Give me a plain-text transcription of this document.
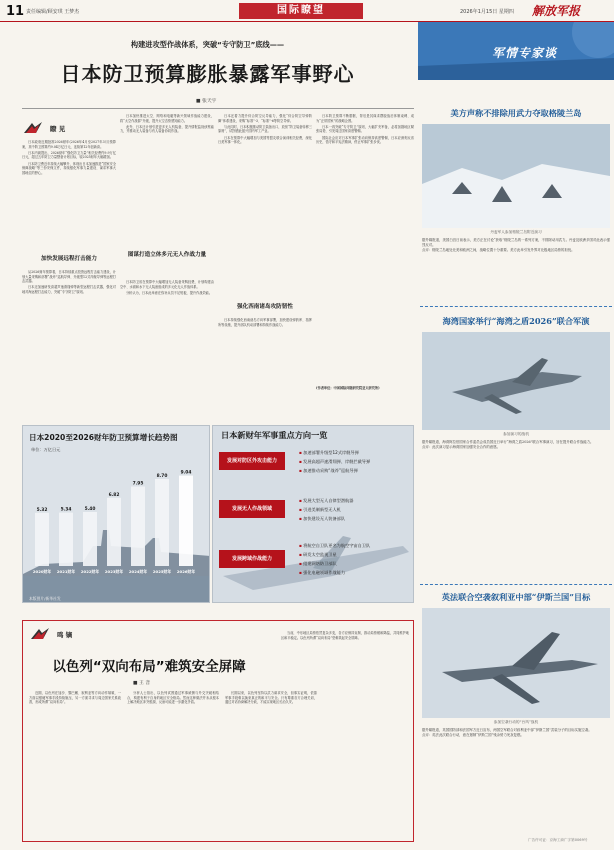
11 责任编辑/顾安琪 王梦杰	国际瞭望	2026年1月15日 星期四 解放军报
构建进攻型作战体系，突破“专守防卫”底线——
日本防卫预算膨胀暴露军事野心
■ 张天宇
瞭 见

日本政府近期批准2026财年(2026年4月至2027年3月)预算案，其中防卫预算约9.04万亿日元，连续第12年创新高。

日本内阁提出，2026财年“强化防卫力量”相关经费约9.9万亿日元，超过五年防卫力量整备计划目标，较2025财年大幅增加。

日本防卫费近年持续大幅攀升，体现出日本加速推进“国家安全保障战略”等三份安保文件，持续强化军事力量建设、谋求军事大国地位的野心。

加快发展远程打击能力

从2026财年预算看，日本持续重点投资远程打击能力建设，计划大量采购和部署“战斧”巡航导弹、升级型12式岸舰导弹等远程打击武器。

日本还加速研发高超声速滑翔弹等新型远程打击武器，强化对地对海远程打击能力，突破“专守防卫”原则。

日本加快推进太空、网络和电磁等新兴领域作战能力建设，将“太空作战群”升级，提升太空态势感知能力。

此外，日本还计划引进更多无人机装备，提升情报监视侦察能力，并推动无人装备与有人装备协同作战。

图谋打造立体多元无人作战力量

日本防卫省在预算中大幅增加无人装备采购经费，计划构建由空中、水面和水下无人装备组成的多元化无人作战体系。

分析认为，日本此举意在弥补兵员不足短板，提升作战效能。

日本还着力提升综合防空反导能力，强化“综合防空导弹防御”体系建设，采购“标准”-3、“标准”-6等防空导弹。

与此同时，日本积极推动防卫装备出口，放宽“防卫装备转移三原则”，试图借此振兴国内军工产业。

日本在预算中大幅增加与美国等盟友联合演训相关经费，深化日美军事一体化。

强化西南诸岛攻防韧性

日本持续强化西南诸岛方向军事部署，加快建设弹药库、指挥所等设施，提升部队机动部署和持续作战能力。

日本防卫预算不断膨胀，背后是其谋求摆脱战后体制束缚、成为“正常国家”的战略企图。

日本一再突破“专守防卫”原则，大幅扩充军备，必将加剧地区紧张局势，引发周边国家高度警惕。

国际社会应对日本军事扩张动向保持高度警惕，日本应深刻反省历史，恪守和平宪法精神，停止军事扩张步伐。

(作者单位：中国国际问题研究院亚太研究所)
日本2020至2026财年防卫预算增长趋势图
单位：万亿日元
5.32
2020财年
5.34
2021财年
5.40
2022财年
6.82
2023财年
7.95
2024财年
8.70
2025财年
9.04
2026财年
本版图片/新华社发
日本新财年军事重点方向一览
发展对防区外攻击能力
▪ 加速部署升级型12式岸舰导弹
▪ 发展高超声速滑翔弹、岸舰拦截导弹
▪ 加速推动采购“战斧”巡航导弹
发展无人作战领域
▪ 发展大型无人自律型潜航器
▪ 引进美制新型无人机
▪ 加快建设无人装备部队
发展跨域作战能力
▪ 将航空自卫队更名为航空宇宙自卫队
▪ 研发太空监视卫星
▪ 组建网络防卫部队
▪ 强化电磁领域作战能力
鸣 镝
以色列“双向布局”难筑安全屏障
■ 王 音

近期，以色列在加沙、黎巴嫩、叙利亚等方向动作频频，一方面以强硬军事手段持续施压，另一方面寻求与周边国家关系改善，形成所谓“双向布局”。

分析人士指出，以色列试图通过军事威慑与外交突破相结合，构建有利于自身的地区安全格局。然而这种做法并未从根本上解决地区冲突根源，反而可能进一步激化矛盾。

长期以来，以色列坚持以武力谋求安全，但事实证明，依靠军事手段难以换来真正的和平与安全。只有尊重各方合理关切，通过对话协商解决分歧，才能实现地区长治久安。

当前，中东地区局势依然复杂多变，各方应保持克制，推动局势缓和降温，共同维护地区和平稳定。以色列所谓“双向布局”恐难筑起安全屏障。

军情专家谈
美方声称不排除用武力夺取格陵兰岛
丹麦军人参加格陵兰岛附近演习

据外媒报道，美国白宫日前表示，美方正在讨论“获取”格陵兰岛的一系列方案，不排除动用武力。丹麦及欧洲多国对此表示强烈反对。

点评：格陵兰岛地处北美和欧洲之间，战略位置十分重要。美方此举引发外界对北极地区局势的担忧。

海湾国家举行“海湾之盾2026”联合军演
参加演习的战机

据外媒报道，海湾阿拉伯国家合作委员会成员国近日举行“海湾之盾2026”联合军事演习，旨在提升联合作战能力。

点评：此次演习显示海湾国家加强安全合作的意愿。

英法联合空袭叙利亚中部“伊斯兰国”目标
参加空袭行动的“台风”战机

据外媒报道，英国国防部和法国军方近日宣布，两国空军联合对叙利亚中部“伊斯兰国”武装分子的目标实施空袭。

点评：英法此次联合行动，意在遏制“伊斯兰国”残余势力死灰复燃。

广告许可证：京海工商广字第0069号
